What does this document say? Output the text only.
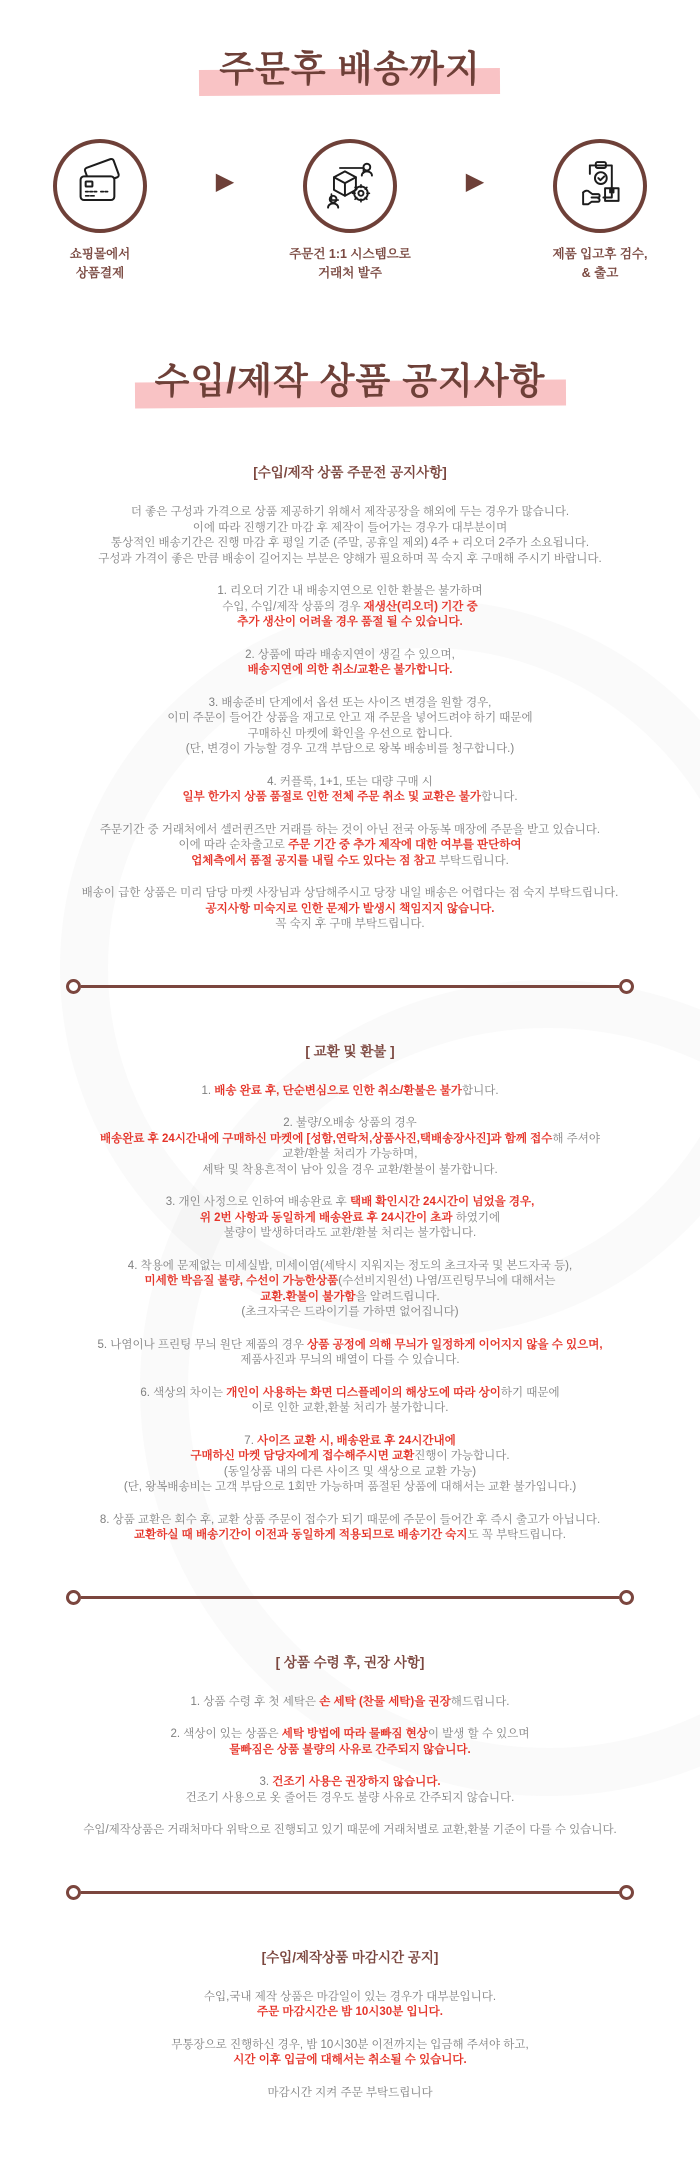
주문후 배송까지
쇼핑몰에서
상품결제
▶
주문건 1:1 시스템으로
거래처 발주
▶
제품 입고후 검수,
& 출고
수입/제작 상품 공지사항
[수입/제작 상품 주문전 공지사항]
더 좋은 구성과 가격으로 상품 제공하기 위해서 제작공장을 해외에 두는 경우가 많습니다.
이에 따라 진행기간 마감 후 제작이 들어가는 경우가 대부분이며
통상적인 배송기간은 진행 마감 후 평일 기준 (주말, 공휴일 제외) 4주 + 리오더 2주가 소요됩니다.
구성과 가격이 좋은 만큼 배송이 길어지는 부분은 양해가 필요하며 꼭 숙지 후 구매해 주시기 바랍니다.
1. 리오더 기간 내 배송지연으로 인한 환불은 불가하며
수입, 수입/제작 상품의 경우 재생산(리오더) 기간 중
추가 생산이 어려울 경우 품절 될 수 있습니다.
2. 상품에 따라 배송지연이 생길 수 있으며,
배송지연에 의한 취소/교환은 불가합니다.
3. 배송준비 단계에서 옵션 또는 사이즈 변경을 원할 경우,
이미 주문이 들어간 상품을 재고로 안고 재 주문을 넣어드려야 하기 때문에
구매하신 마켓에 확인을 우선으로 합니다.
(단, 변경이 가능할 경우 고객 부담으로 왕복 배송비를 청구합니다.)
4. 커플룩, 1+1, 또는 대량 구매 시
일부 한가지 상품 품절로 인한 전체 주문 취소 및 교환은 불가합니다.
주문기간 중 거래처에서 셀러퀸즈만 거래를 하는 것이 아닌 전국 아동복 매장에 주문을 받고 있습니다.
이에 따라 순차출고로 주문 기간 중 추가 제작에 대한 여부를 판단하여
업체측에서 품절 공지를 내릴 수도 있다는 점 참고 부탁드립니다.
배송이 급한 상품은 미리 담당 마켓 사장님과 상담해주시고 당장 내일 배송은 어렵다는 점 숙지 부탁드립니다.
공지사항 미숙지로 인한 문제가 발생시 책임지지 않습니다.
꼭 숙지 후 구매 부탁드립니다.
[ 교환 및 환불 ]
1. 배송 완료 후, 단순변심으로 인한 취소/환불은 불가합니다.
2. 불량/오배송 상품의 경우
배송완료 후 24시간내에 구매하신 마켓에 [성함,연락처,상품사진,택배송장사진]과 함께 접수해 주셔야
교환/환불 처리가 가능하며,
세탁 및 착용흔적이 남아 있을 경우 교환/환불이 불가합니다.
3. 개인 사정으로 인하여 배송완료 후 택배 확인시간 24시간이 넘었을 경우,
위 2번 사항과 동일하게 배송완료 후 24시간이 초과 하였기에
불량이 발생하더라도 교환/환불 처리는 불가합니다.
4. 착용에 문제없는 미세실밥, 미세이염(세탁시 지워지는 정도의 초크자국 및 본드자국 등),
미세한 박음질 불량, 수선이 가능한상품(수선비지원선) 나염/프린팅무늬에 대해서는
교환.환불이 불가함을 알려드립니다.
(초크자국은 드라이기를 가하면 없어집니다)
5. 나염이나 프린팅 무늬 원단 제품의 경우 상품 공정에 의해 무늬가 일정하게 이어지지 않을 수 있으며,
제품사진과 무늬의 배열이 다를 수 있습니다.
6. 색상의 차이는 개인이 사용하는 화면 디스플레이의 해상도에 따라 상이하기 때문에
이로 인한 교환,환불 처리가 불가합니다.
7. 사이즈 교환 시, 배송완료 후 24시간내에
구매하신 마켓 담당자에게 접수해주시면 교환진행이 가능합니다.
(동일상품 내의 다른 사이즈 및 색상으로 교환 가능)
(단, 왕복배송비는 고객 부담으로 1회만 가능하며 품절된 상품에 대해서는 교환 불가입니다.)
8. 상품 교환은 회수 후, 교환 상품 주문이 접수가 되기 때문에 주문이 들어간 후 즉시 출고가 아닙니다.
교환하실 때 배송기간이 이전과 동일하게 적용되므로 배송기간 숙지도 꼭 부탁드립니다.
[ 상품 수령 후, 권장 사항]
1. 상품 수령 후 첫 세탁은 손 세탁 (찬물 세탁)을 권장해드립니다.
2. 색상이 있는 상품은 세탁 방법에 따라 물빠짐 현상이 발생 할 수 있으며
물빠짐은 상품 불량의 사유로 간주되지 않습니다.
3. 건조기 사용은 권장하지 않습니다.
건조기 사용으로 옷 줄어든 경우도 불량 사유로 간주되지 않습니다.
수입/제작상품은 거래처마다 위탁으로 진행되고 있기 때문에 거래처별로 교환,환불 기준이 다를 수 있습니다.
[수입/제작상품 마감시간 공지]
수입,국내 제작 상품은 마감일이 있는 경우가 대부분입니다.
주문 마감시간은 밤 10시30분 입니다.
무통장으로 진행하신 경우, 밤 10시30분 이전까지는 입금해 주셔야 하고,
시간 이후 입금에 대해서는 취소될 수 있습니다.
마감시간 지켜 주문 부탁드립니다
